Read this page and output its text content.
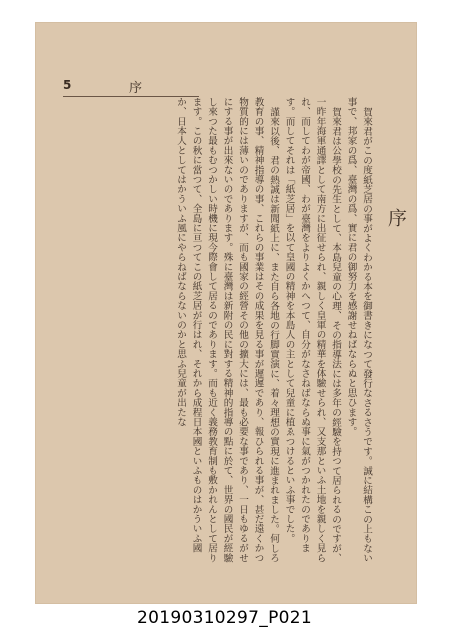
5	序

賀來君がこの度紙芝居の事がよくわかる本を御書きになつて發行なさるさうです。誠に結構この上もない事で、邦家の爲、臺灣の爲、實に君の御努力を感謝せねばならぬと思ひます。

賀來君は公學校の先生として、本島兒童の心理、その指導法には多年の經驗を持つて居られるのですが、一昨年海軍通譯として南方に出征せられ、親しく皇軍の精華を体驗せられ、又支那といふ土地を親しく見られ、而してわが帝國、わが臺灣をよりよくかへつて、自分がなさねばならぬ事に氣がつかれたのであります。而してそれは「紙芝居」を以て皇國の精神を本島人の主として兒童に植ゑつけるといふ事でした。

謹來以後、君の熱誠は新聞紙上に、また自ら各地の行脚實演に、着々理想の實現に進まれました。何しろ教育の事、精神指導の事、これらの事業はその成果を見る事が遲遲であり、報ひられる事が、甚だ遠くかつ物質的には薄いのでありますが、而も國家の經營その他の擴大には、最も必要な事であり、一日もゆるがせにする事が出來ないのであります。殊に臺灣は新附の民に對する精神的指導の點に於て、世界の國民が經驗し來つた最もむつかしい時機に現今際會して居るのであります。而も近く義務教育制も敷かれんとして居ります。この秋に當つて、全島に亘つてこの紙芝居が行はれ、それから成程日本國といふものはかういふ國か、日本人としてはかういふ風にやらねばならないのかと思ふ兒童が出たな	序
20190310297_P021
